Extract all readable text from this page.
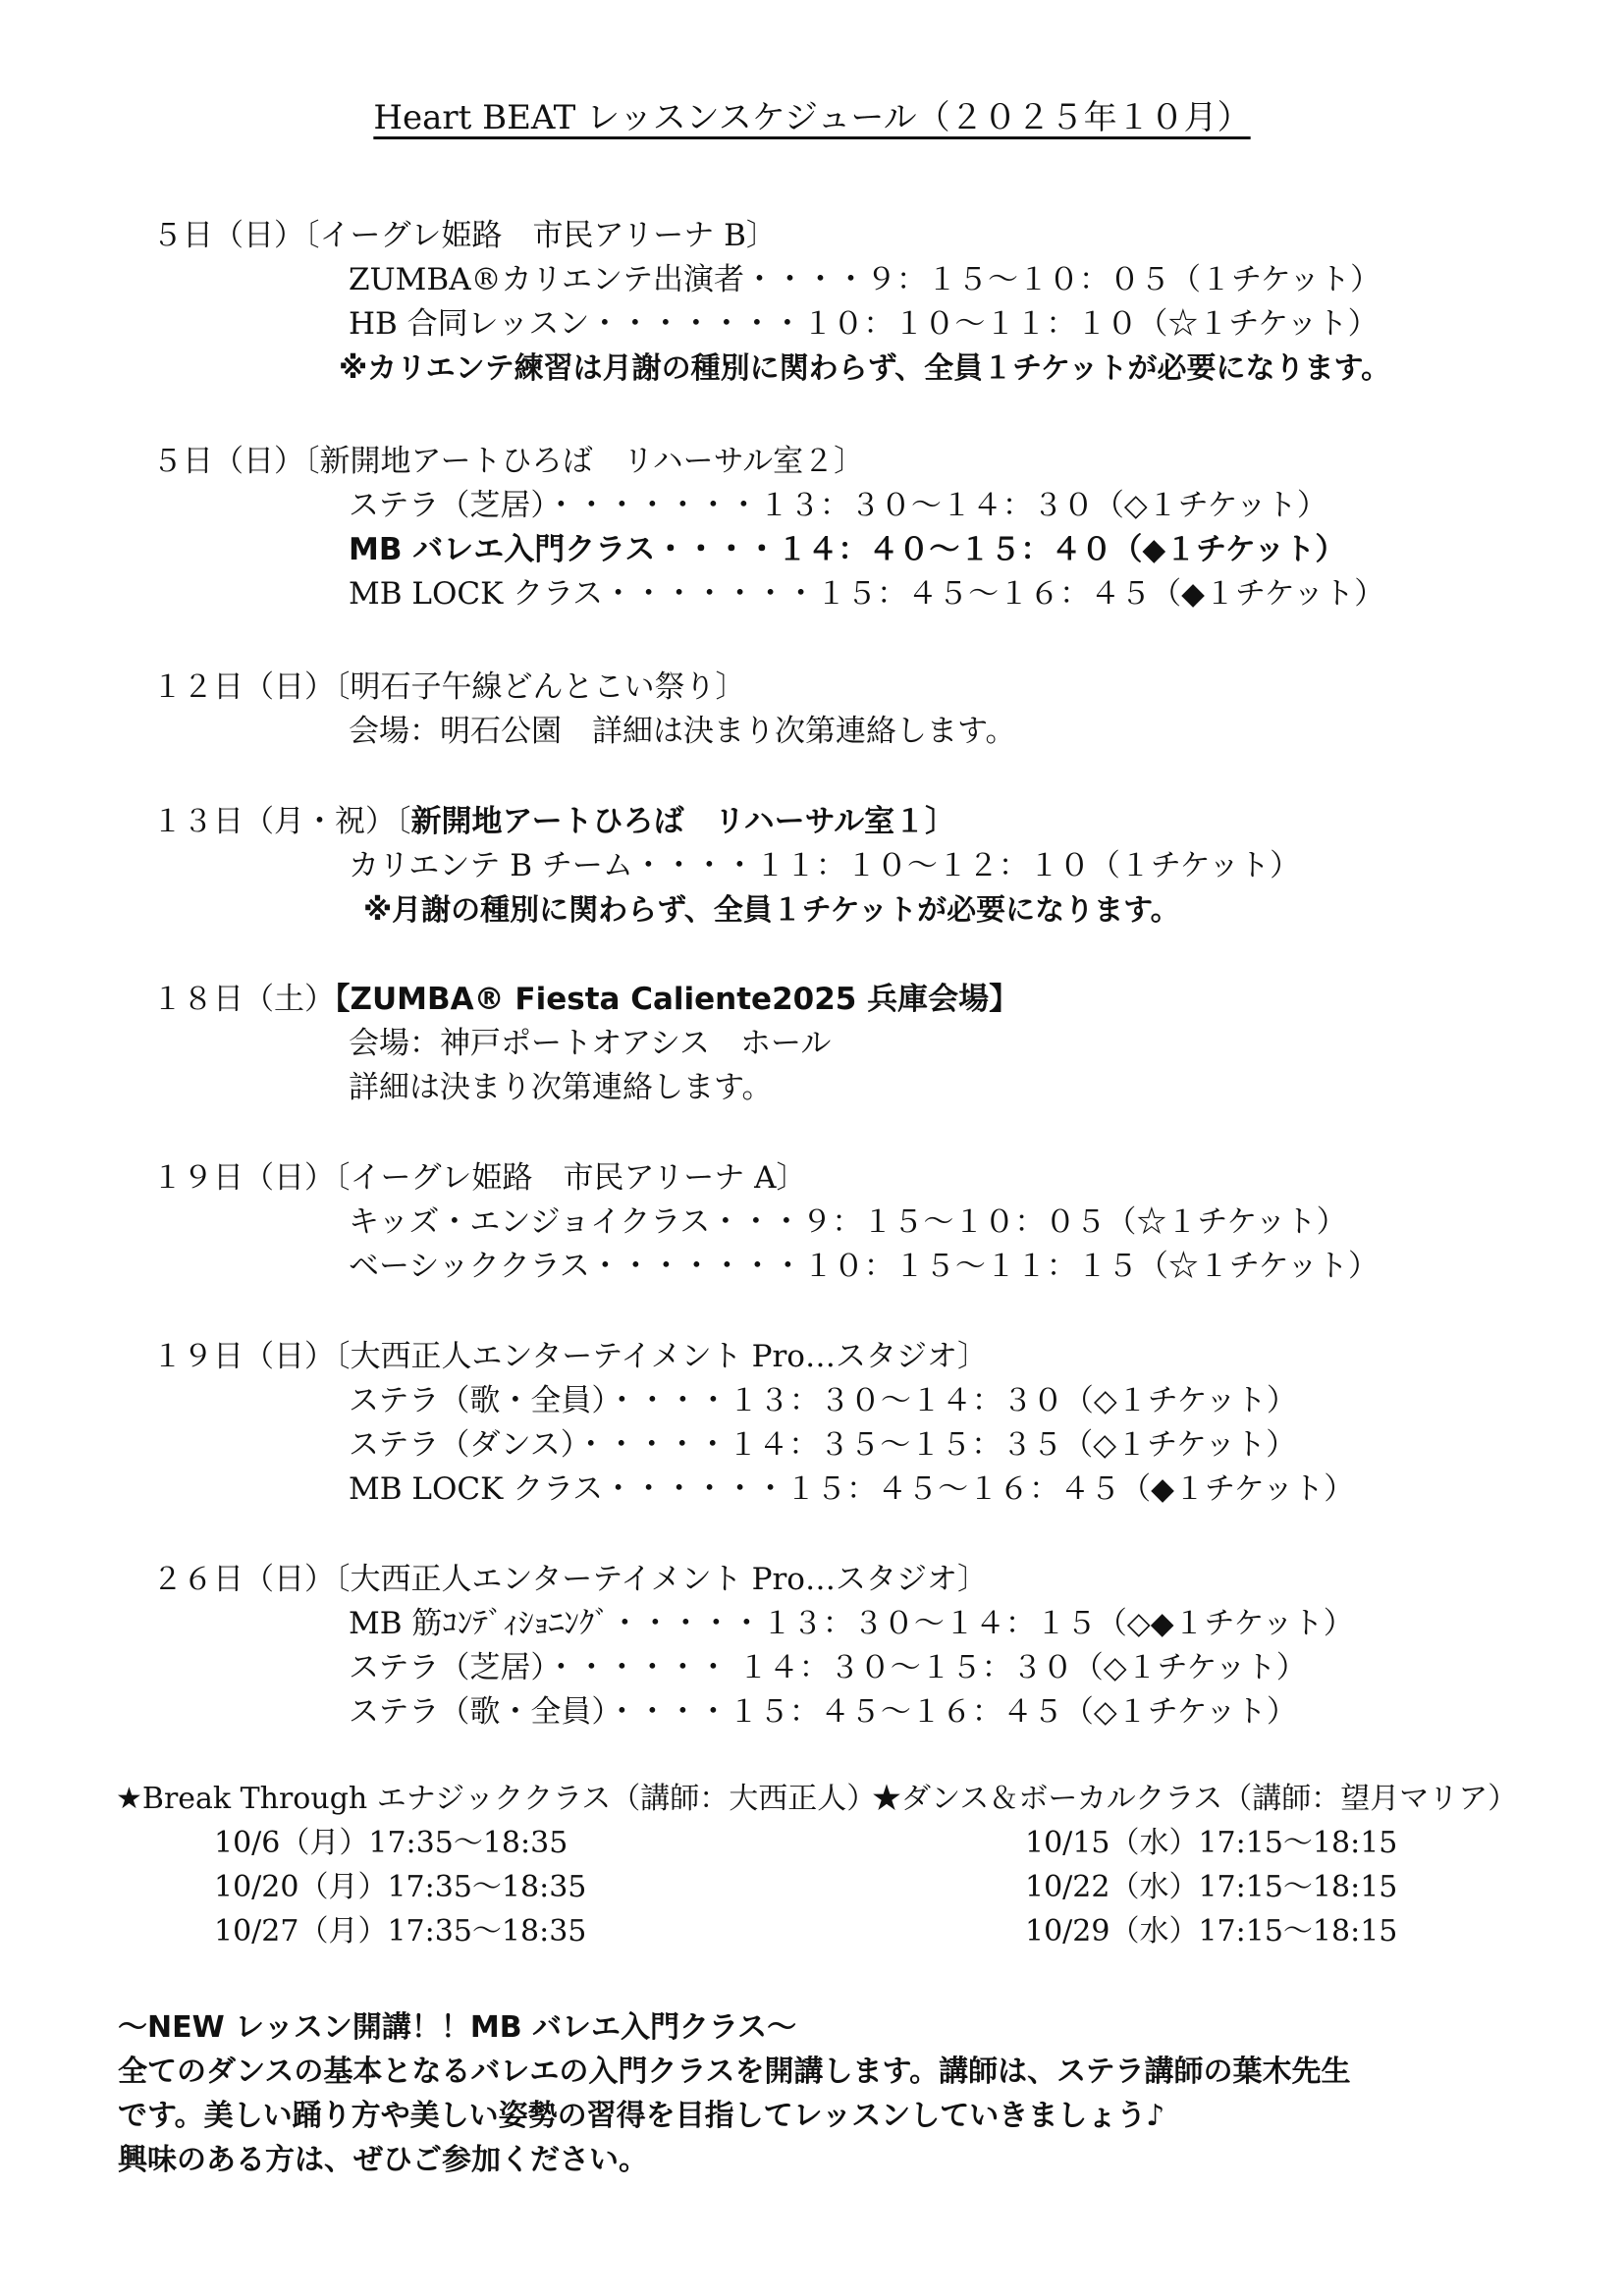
Heart BEAT レッスンスケジュール（２０２５年１０月）
５日（日）〔イーグレ姫路　市民アリーナ B〕
ZUMBA®カリエンテ出演者・・・・９：１５〜１０：０５（１チケット）
HB 合同レッスン・・・・・・・１０：１０〜１１：１０（☆１チケット）
※カリエンテ練習は月謝の種別に関わらず、全員１チケットが必要になります。
５日（日）〔新開地アートひろば　リハーサル室２〕
ステラ（芝居）・・・・・・・１３：３０〜１４：３０（◇１チケット）
MB バレエ入門クラス・・・・１４：４０〜１５：４０（◆１チケット）
MB LOCK クラス・・・・・・・１５：４５〜１６：４５（◆１チケット）
１２日（日）〔明石子午線どんとこい祭り〕
会場：明石公園　詳細は決まり次第連絡します。
１３日（月・祝）〔新開地アートひろば　リハーサル室１〕
カリエンテ B チーム・・・・１１：１０〜１２：１０（１チケット）
※月謝の種別に関わらず、全員１チケットが必要になります。
１８日（土）【ZUMBA® Fiesta Caliente2025 兵庫会場】
会場：神戸ポートオアシス　ホール
詳細は決まり次第連絡します。
１９日（日）〔イーグレ姫路　市民アリーナ A〕
キッズ・エンジョイクラス・・・９：１５〜１０：０５（☆１チケット）
ベーシッククラス・・・・・・・１０：１５〜１１：１５（☆１チケット）
１９日（日）〔大西正人エンターテイメント Pro…スタジオ〕
ステラ（歌・全員）・・・・１３：３０〜１４：３０（◇１チケット）
ステラ（ダンス）・・・・・１４：３５〜１５：３５（◇１チケット）
MB LOCK クラス・・・・・・１５：４５〜１６：４５（◆１チケット）
２６日（日）〔大西正人エンターテイメント Pro…スタジオ〕
MB 筋ｺﾝﾃﾞｨｼｮﾆﾝｸﾞ・・・・・１３：３０〜１４：１５（◇◆１チケット）
ステラ（芝居）・・・・・・ １４：３０〜１５：３０（◇１チケット）
ステラ（歌・全員）・・・・１５：４５〜１６：４５（◇１チケット）
★Break Through エナジッククラス（講師：大西正人）
10/6（月）17:35〜18:35
10/20（月）17:35〜18:35
10/27（月）17:35〜18:35
★ダンス＆ボーカルクラス（講師：望月マリア）
10/15（水）17:15〜18:15
10/22（水）17:15〜18:15
10/29（水）17:15〜18:15
〜NEW レッスン開講！！MB バレエ入門クラス〜
全てのダンスの基本となるバレエの入門クラスを開講します。講師は、ステラ講師の葉木先生
です。美しい踊り方や美しい姿勢の習得を目指してレッスンしていきましょう♪
興味のある方は、ぜひご参加ください。
